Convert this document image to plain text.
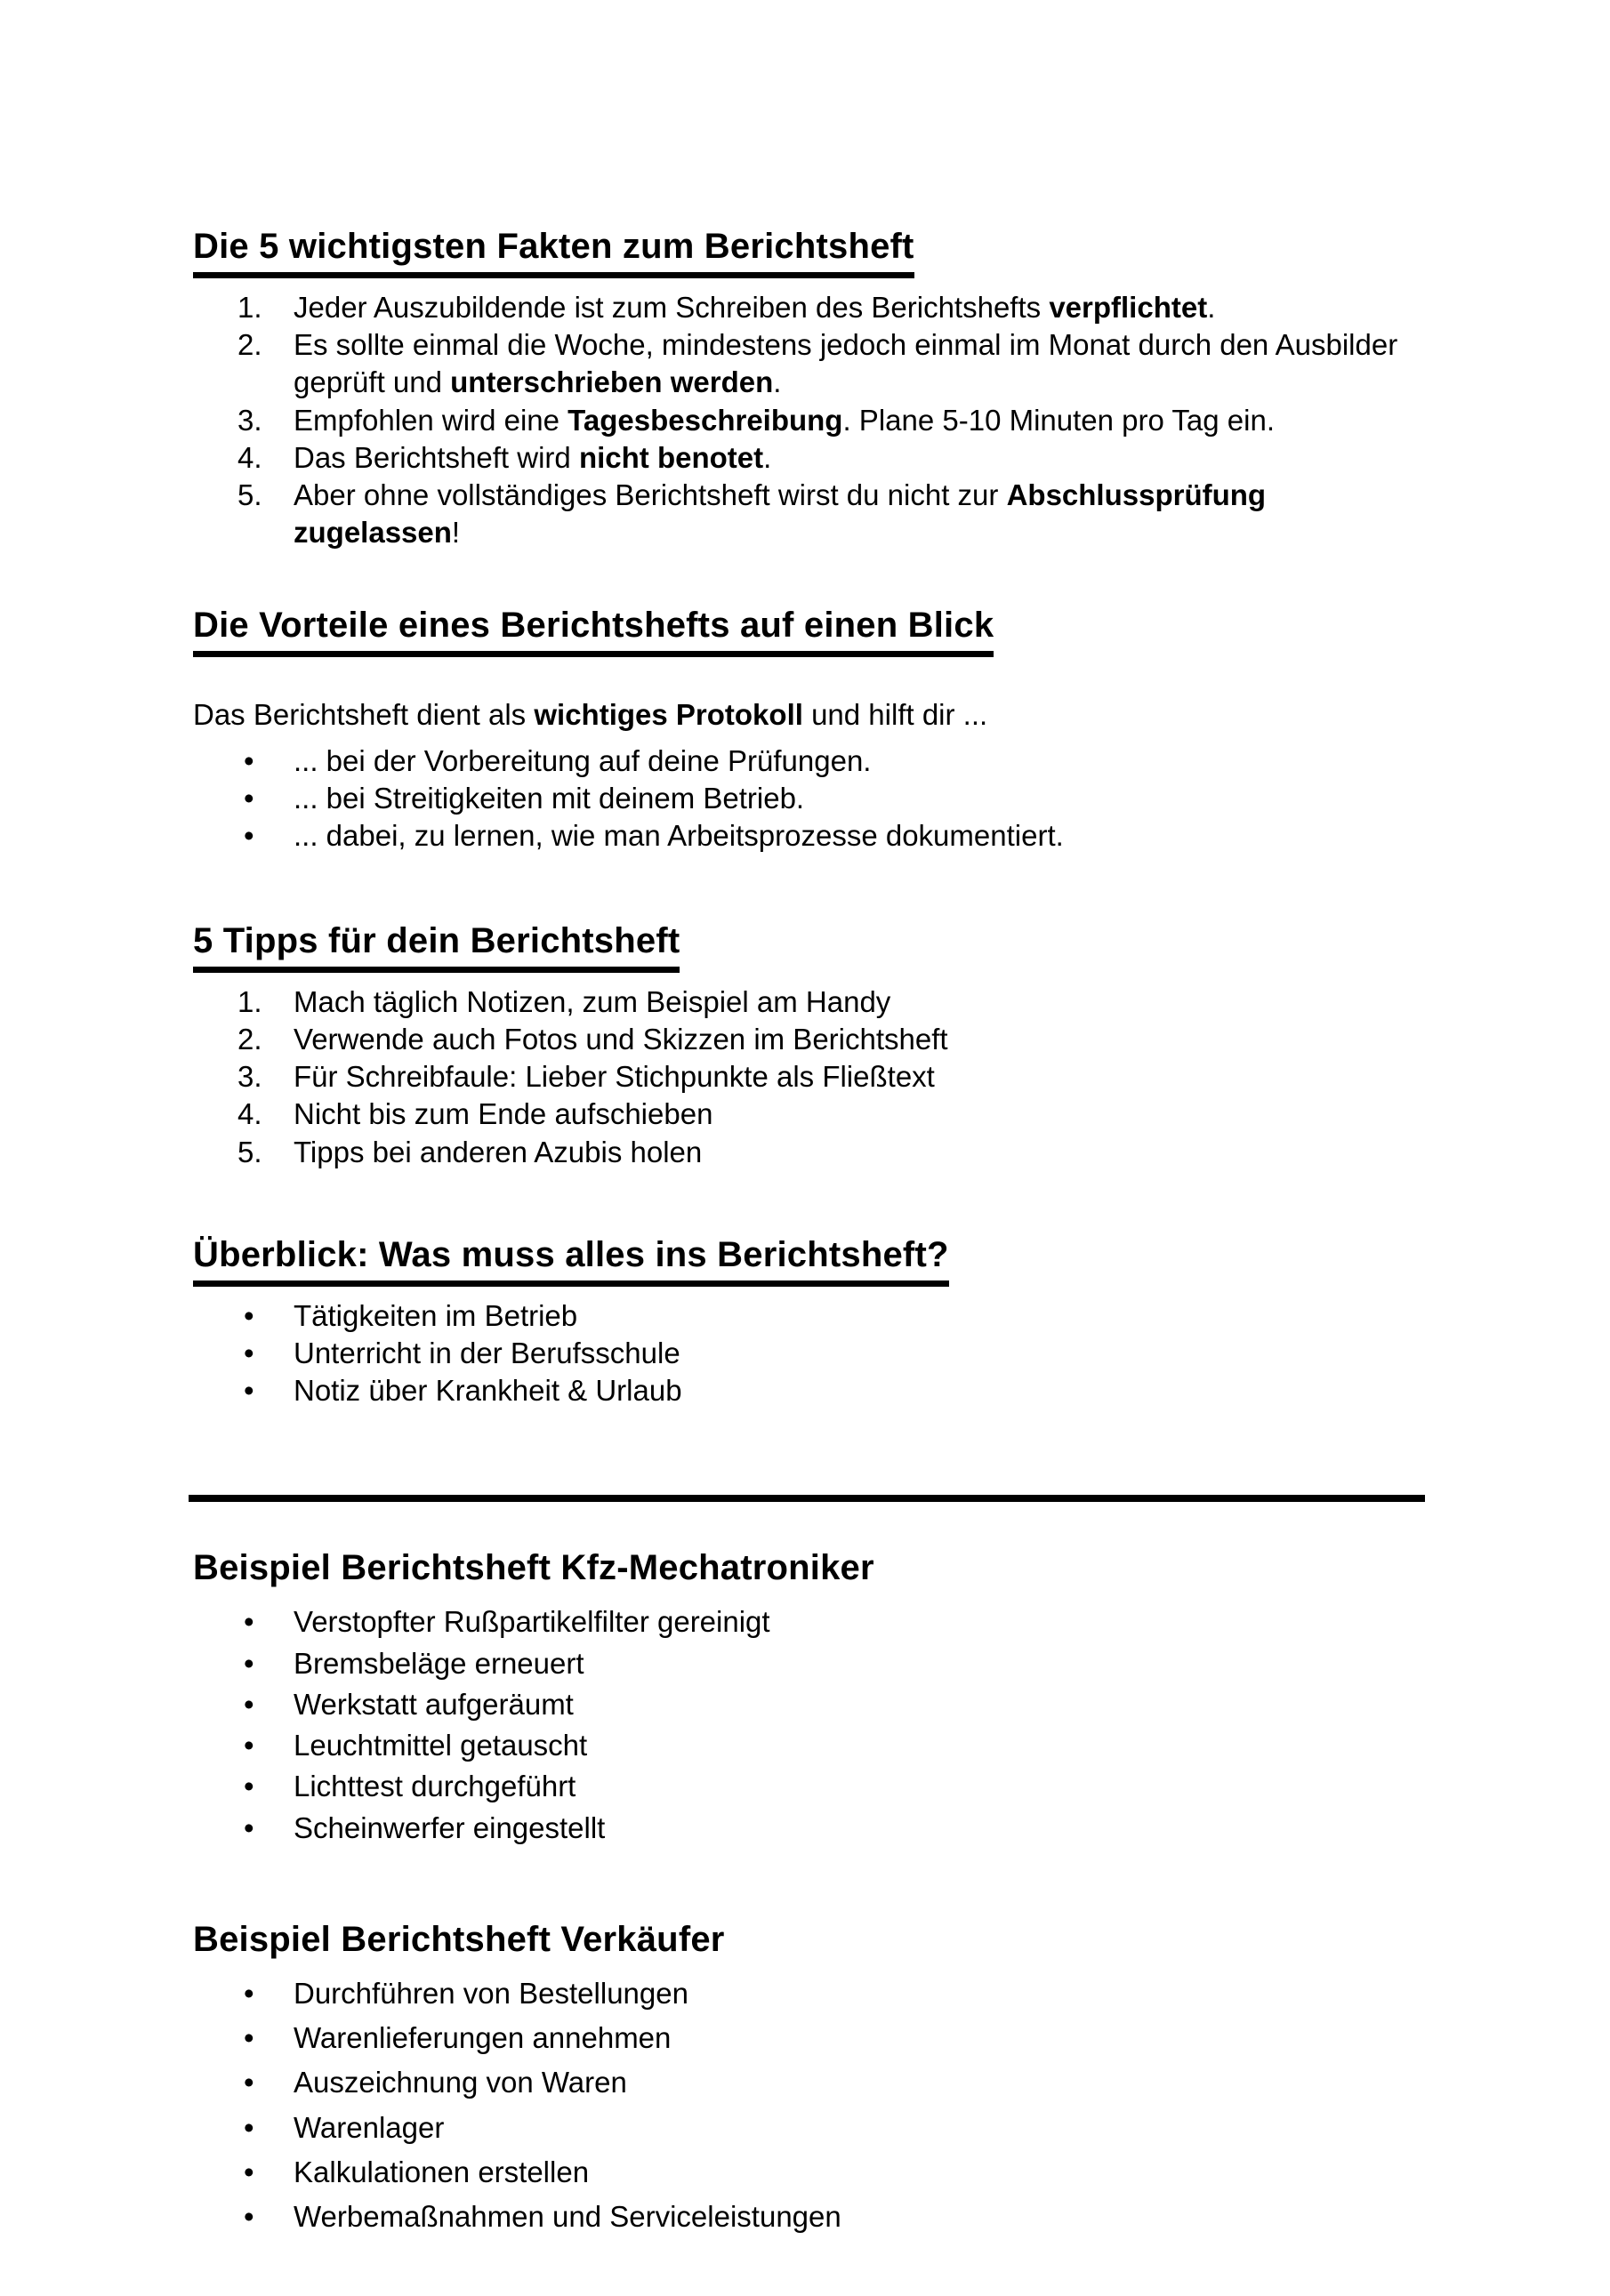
Die 5 wichtigsten Fakten zum Berichtsheft
Jeder Auszubildende ist zum Schreiben des Berichtshefts verpflichtet.
Es sollte einmal die Woche, mindestens jedoch einmal im Monat durch den Ausbilder geprüft und unterschrieben werden.
Empfohlen wird eine Tagesbeschreibung. Plane 5-10 Minuten pro Tag ein.
Das Berichtsheft wird nicht benotet.
Aber ohne vollständiges Berichtsheft wirst du nicht zur Abschlussprüfung zugelassen!
Die Vorteile eines Berichtshefts auf einen Blick

Das Berichtsheft dient als wichtiges Protokoll und hilft dir ...

• ... bei der Vorbereitung auf deine Prüfungen.
• ... bei Streitigkeiten mit deinem Betrieb.
• ... dabei, zu lernen, wie man Arbeitsprozesse dokumentiert.
5 Tipps für dein Berichtsheft
Mach täglich Notizen, zum Beispiel am Handy
Verwende auch Fotos und Skizzen im Berichtsheft
Für Schreibfaule: Lieber Stichpunkte als Fließtext
Nicht bis zum Ende aufschieben
Tipps bei anderen Azubis holen
Überblick: Was muss alles ins Berichtsheft?
• Tätigkeiten im Betrieb
• Unterricht in der Berufsschule
• Notiz über Krankheit & Urlaub
Beispiel Berichtsheft Kfz-Mechatroniker
• Verstopfter Rußpartikelfilter gereinigt
• Bremsbeläge erneuert
• Werkstatt aufgeräumt
• Leuchtmittel getauscht
• Lichttest durchgeführt
• Scheinwerfer eingestellt
Beispiel Berichtsheft Verkäufer
• Durchführen von Bestellungen
• Warenlieferungen annehmen
• Auszeichnung von Waren
• Warenlager
• Kalkulationen erstellen
• Werbemaßnahmen und Serviceleistungen
